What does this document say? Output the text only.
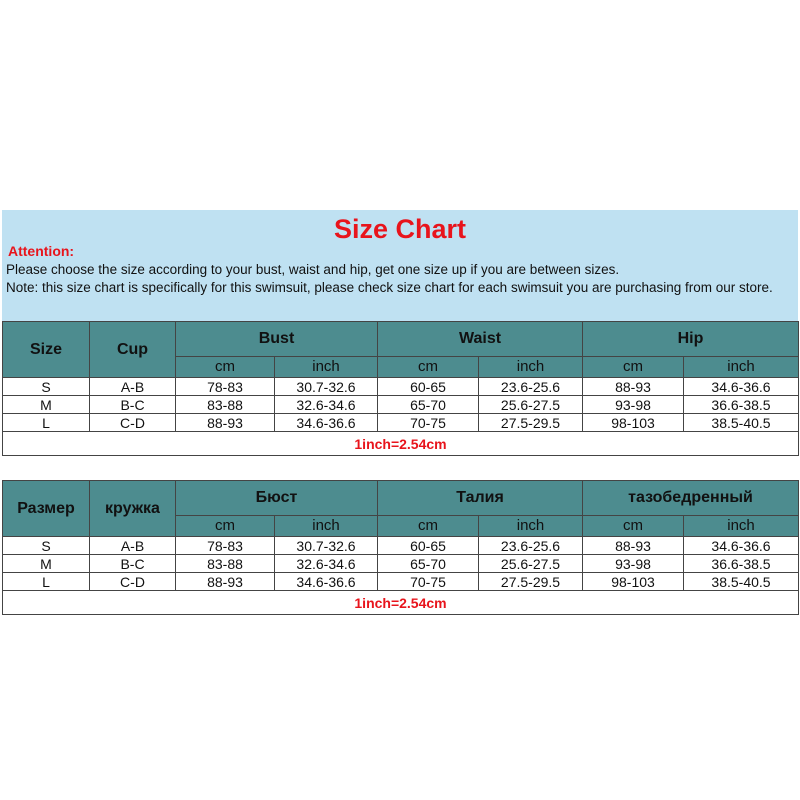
Size Chart
Attention:
Please choose the size according to your bust, waist and hip, get one size up if you are between sizes.
Note: this size chart is specifically for this swimsuit, please check size chart for each swimsuit you are purchasing from our store.
Size	Cup	Bust		Waist		Hip	
		cm	inch	cm	inch	cm	inch
S	A-B	78-83	30.7-32.6	60-65	23.6-25.6	88-93	34.6-36.6
M	B-C	83-88	32.6-34.6	65-70	25.6-27.5	93-98	36.6-38.5
L	C-D	88-93	34.6-36.6	70-75	27.5-29.5	98-103	38.5-40.5
1inch=2.54cm							

Размер	кружка	Бюст		Талия		тазобедренный	
		cm	inch	cm	inch	cm	inch
S	A-B	78-83	30.7-32.6	60-65	23.6-25.6	88-93	34.6-36.6
M	B-C	83-88	32.6-34.6	65-70	25.6-27.5	93-98	36.6-38.5
L	C-D	88-93	34.6-36.6	70-75	27.5-29.5	98-103	38.5-40.5
1inch=2.54cm							
